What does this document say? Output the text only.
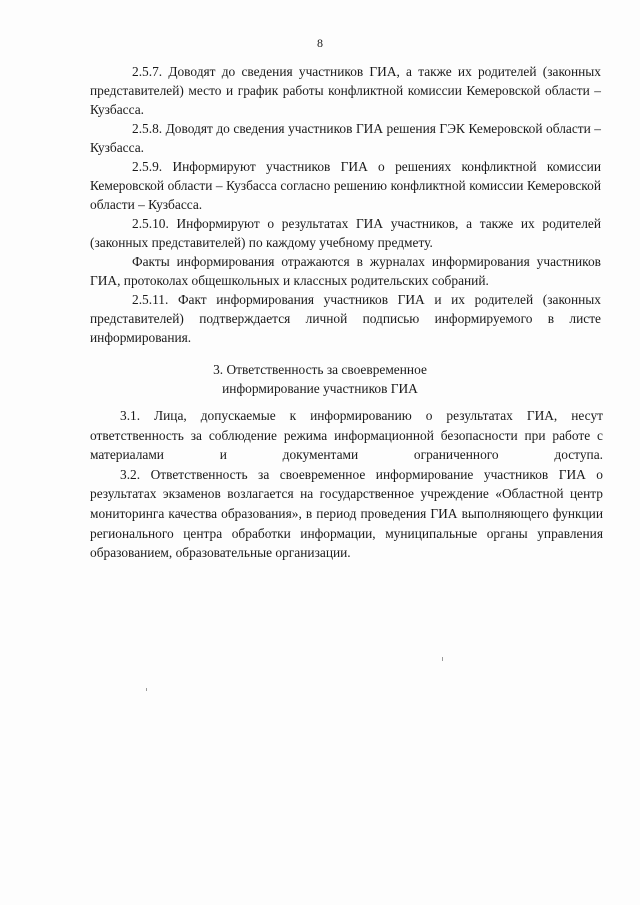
8

2.5.7. Доводят до сведения участников ГИА, а также их родителей (законных представителей) место и график работы конфликтной комиссии Кемеровской области – Кузбасса.

2.5.8. Доводят до сведения участников ГИА решения ГЭК Кемеровской области – Кузбасса.

2.5.9. Информируют участников ГИА о решениях конфликтной комиссии Кемеровской области – Кузбасса согласно решению конфликтной комиссии Кемеровской области – Кузбасса.

2.5.10. Информируют о результатах ГИА участников, а также их родителей (законных представителей) по каждому учебному предмету.

Факты информирования отражаются в журналах информирования участников ГИА, протоколах общешкольных и классных родительских собраний.

2.5.11. Факт информирования участников ГИА и их родителей (законных представителей) подтверждается личной подписью информируемого в листе информирования.

3. Ответственность за своевременное
информирование участников ГИА

3.1. Лица, допускаемые к информированию о результатах ГИА, несут ответственность за соблюдение режима информационной безопасности при работе с материалами и документами ограниченного доступа.

3.2. Ответственность за своевременное информирование участников ГИА о результатах экзаменов возлагается на государственное учреждение «Областной центр мониторинга качества образования», в период проведения ГИА выполняющего функции регионального центра обработки информации, муниципальные органы управления образованием, образовательные организации.
